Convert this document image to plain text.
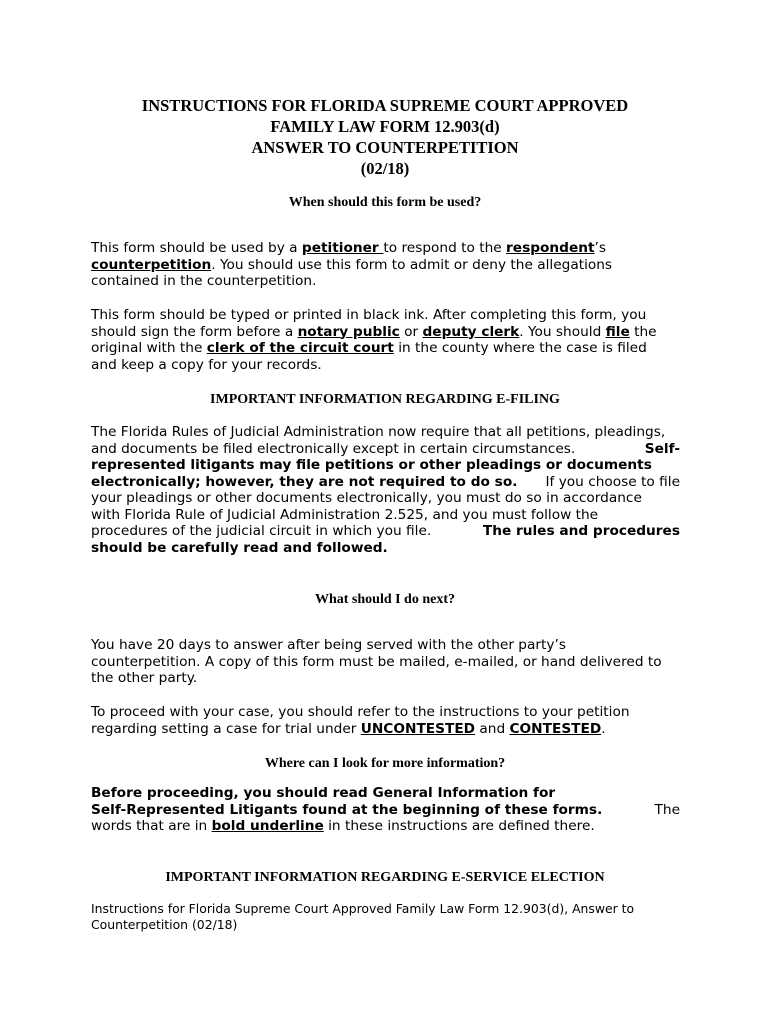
INSTRUCTIONS FOR FLORIDA SUPREME COURT APPROVED
FAMILY LAW FORM 12.903(d)
ANSWER TO COUNTERPETITION
(02/18)
When should this form be used?
This form should be used by a petitioner to respond to the respondent’s
counterpetition. You should use this form to admit or deny the allegations
contained in the counterpetition.
This form should be typed or printed in black ink. After completing this form, you
should sign the form before a notary public or deputy clerk. You should file the
original with the clerk of the circuit court in the county where the case is filed
and keep a copy for your records.
IMPORTANT INFORMATION REGARDING E-FILING
The Florida Rules of Judicial Administration now require that all petitions, pleadings,
and documents be filed electronically except in certain circumstances.	Self-
represented litigants may file petitions or other pleadings or documents
electronically; however, they are not required to do so. If you choose to file
your pleadings or other documents electronically, you must do so in accordance
with Florida Rule of Judicial Administration 2.525, and you must follow the
procedures of the judicial circuit in which you file.	The rules and procedures
should be carefully read and followed.
What should I do next?
You have 20 days to answer after being served with the other party’s
counterpetition. A copy of this form must be mailed, e-mailed, or hand delivered to
the other party.
To proceed with your case, you should refer to the instructions to your petition
regarding setting a case for trial under UNCONTESTED and CONTESTED.
Where can I look for more information?
Before proceeding, you should read General Information for
Self-Represented Litigants found at the beginning of these forms.	The
words that are in bold underline in these instructions are defined there.
IMPORTANT INFORMATION REGARDING E-SERVICE ELECTION
Instructions for Florida Supreme Court Approved Family Law Form 12.903(d), Answer to
Counterpetition (02/18)
